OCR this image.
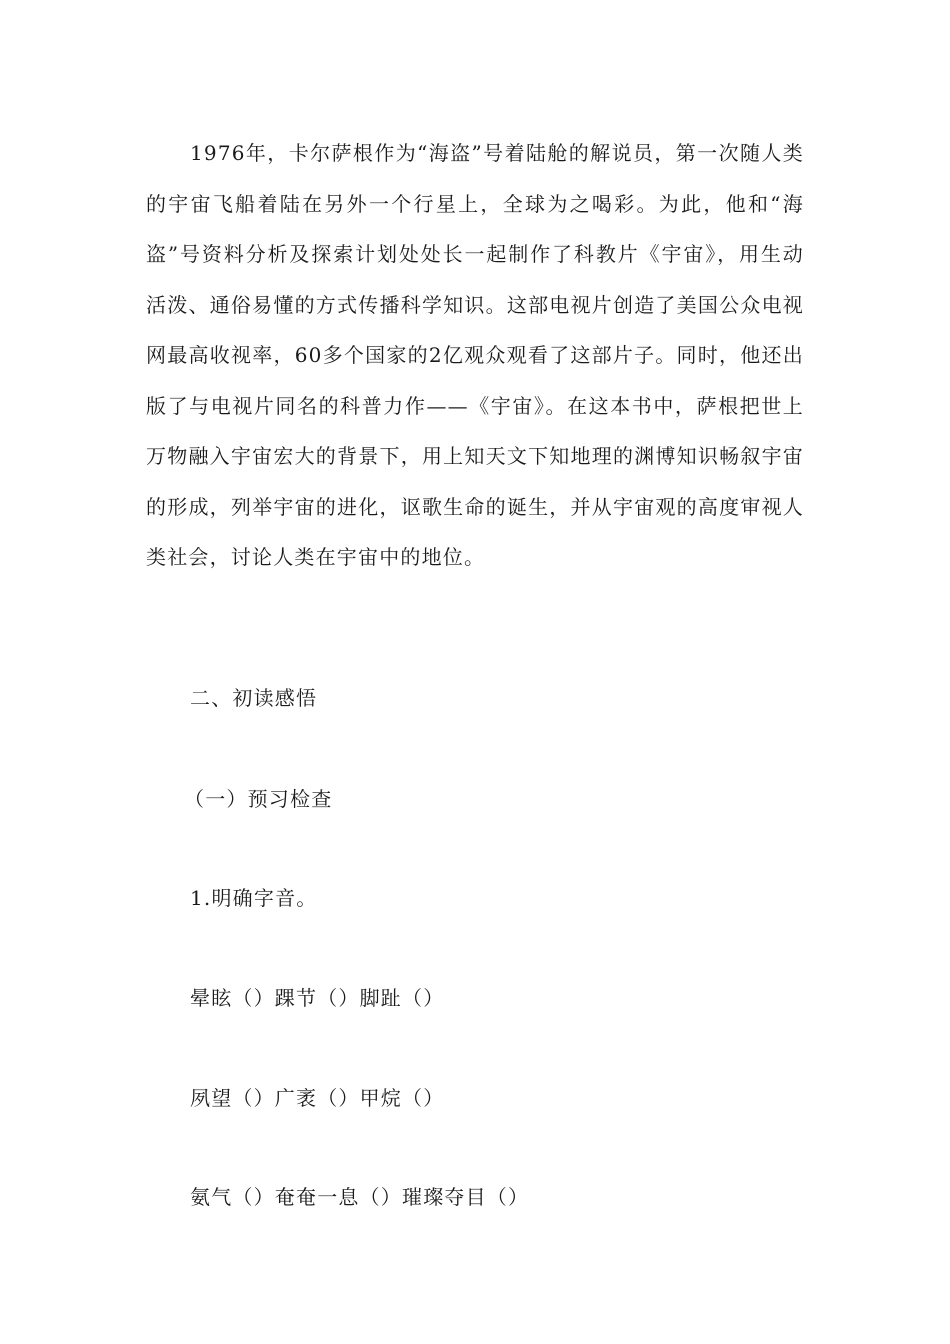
1976年，卡尔萨根作为“海盗”号着陆舱的解说员，第一次随人类的宇宙飞船着陆在另外一个行星上，全球为之喝彩。为此，他和“海盗”号资料分析及探索计划处处长一起制作了科教片《宇宙》，用生动活泼、通俗易懂的方式传播科学知识。这部电视片创造了美国公众电视网最高收视率，60多个国家的2亿观众观看了这部片子。同时，他还出版了与电视片同名的科普力作——《宇宙》。在这本书中，萨根把世上万物融入宇宙宏大的背景下，用上知天文下知地理的渊博知识畅叙宇宙的形成，列举宇宙的进化，讴歌生命的诞生，并从宇宙观的高度审视人类社会，讨论人类在宇宙中的地位。

二、初读感悟

（一）预习检查

1.明确字音。

晕眩（）踝节（）脚趾（）

夙望（）广袤（）甲烷（）

氨气（）奄奄一息（）璀璨夺目（）
